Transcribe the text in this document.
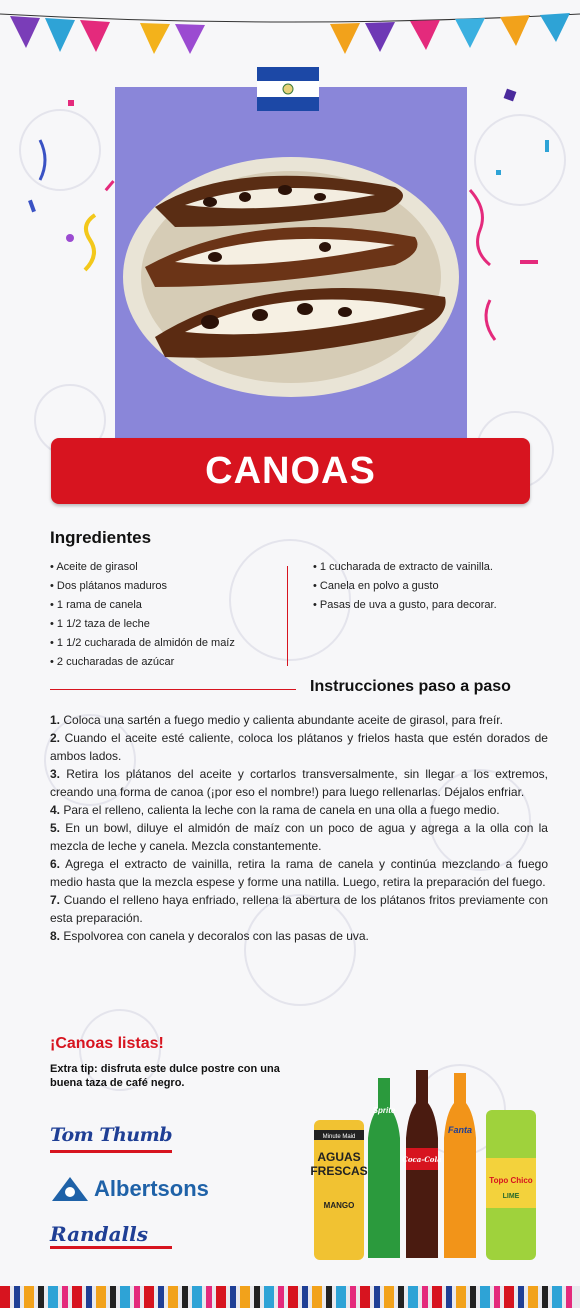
CANOAS
Ingredientes
• Aceite de girasol
• Dos plátanos maduros
• 1 rama de canela
• 1 1/2 taza de leche
• 1 1/2 cucharada de almidón de maíz
• 2 cucharadas de azúcar
• 1 cucharada de extracto de vainilla.
• Canela en polvo a gusto
• Pasas de uva a gusto, para decorar.
Instrucciones paso a paso
1. Coloca una sartén a fuego medio y calienta abundante aceite de girasol, para freír.
2. Cuando el aceite esté caliente, coloca los plátanos y frielos hasta que estén dorados de ambos lados.
3. Retira los plátanos del aceite y cortarlos transversalmente, sin llegar a los extremos, creando una forma de canoa (¡por eso el nombre!) para luego rellenarlas. Déjalos enfriar.
4. Para el relleno, calienta la leche con la rama de canela en una olla a fuego medio.
5. En un bowl, diluye el almidón de maíz con un poco de agua y agrega a la olla con la mezcla de leche y canela. Mezcla constantemente.
6. Agrega el extracto de vainilla, retira la rama de canela y continúa mezclando a fuego medio hasta que la mezcla espese y forme una natilla. Luego, retira la preparación del fuego.
7. Cuando el relleno haya enfriado, rellena la abertura de los plátanos fritos previamente con esta preparación.
8. Espolvorea con canela y decoralos con las pasas de uva.
¡Canoas listas!
Extra tip: disfruta este dulce postre con una buena taza de café negro.
Tom Thumb
Albertsons
Randalls
Minute Maid
AGUAS
FRESCAS
MANGO
Sprite
Coca-Cola
Fanta
Topo Chico
LIME
